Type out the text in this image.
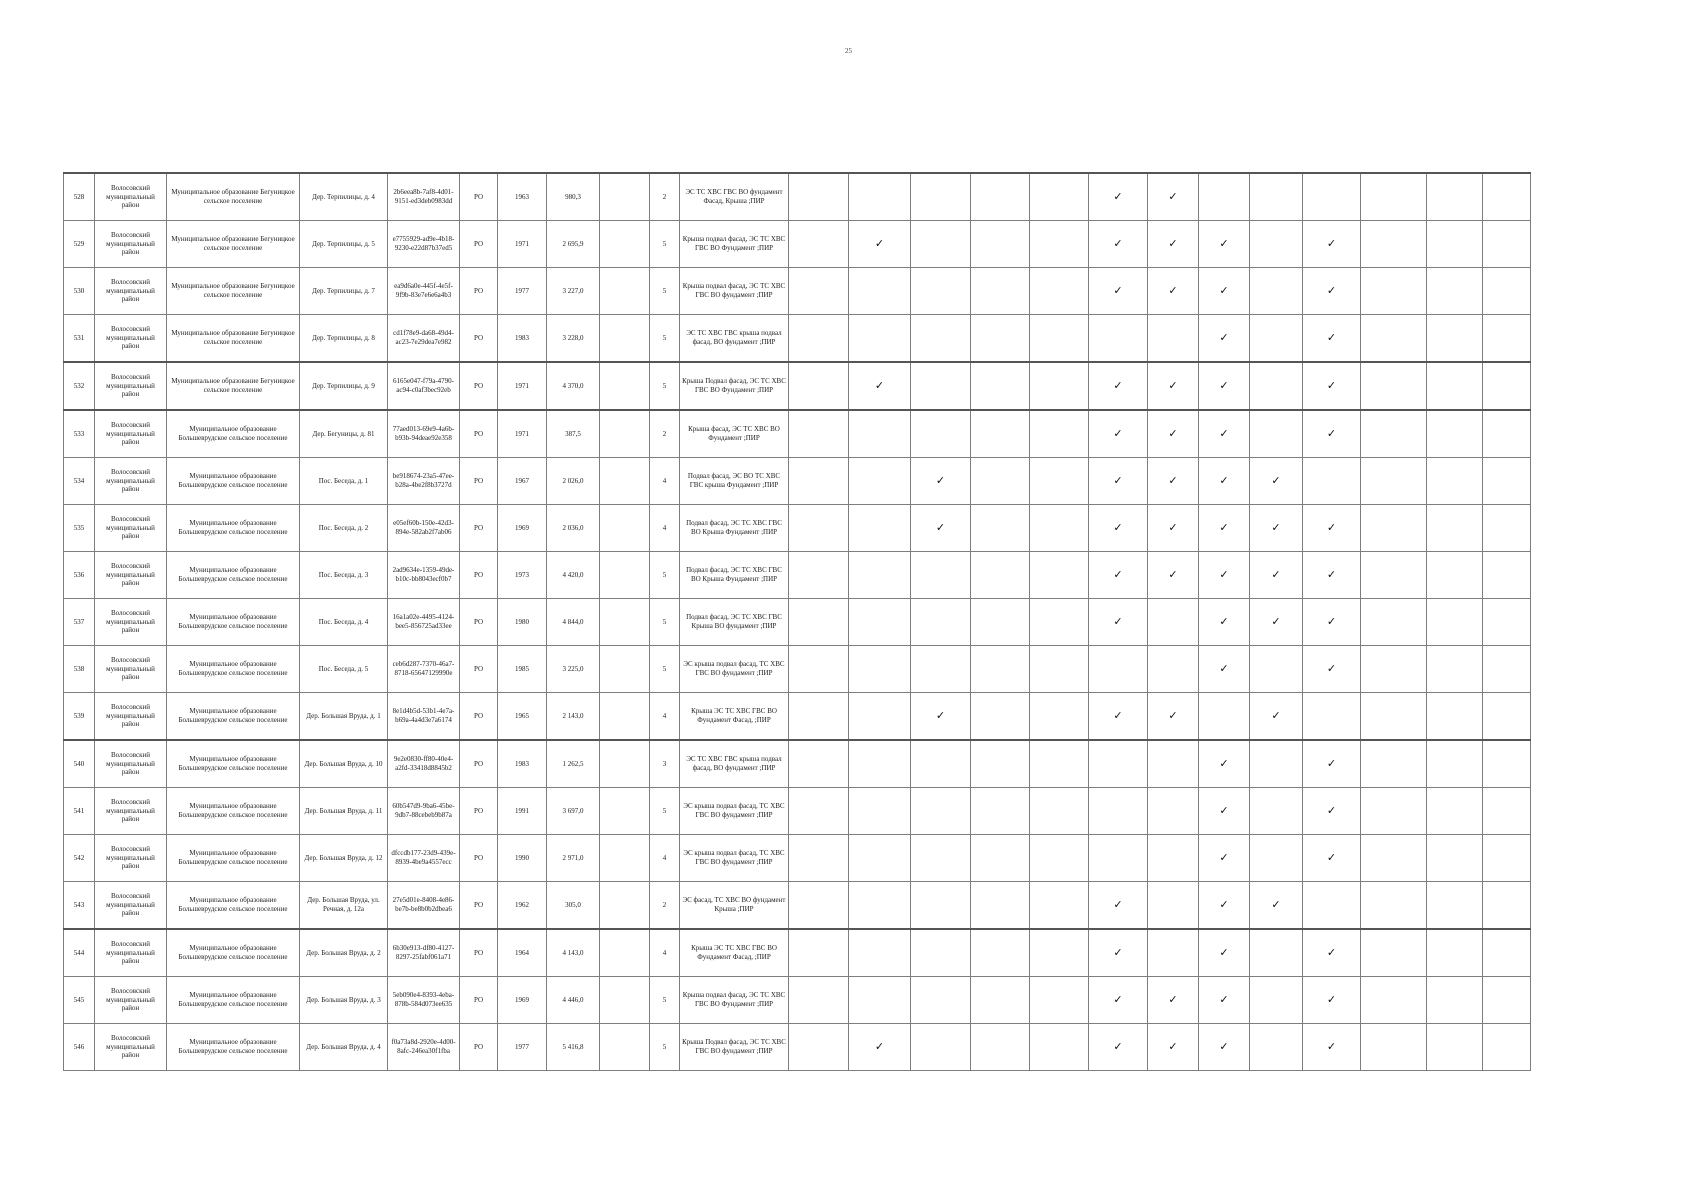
25
528	Волосовский муниципальный район	Муниципальное образование Бегуницкое сельское поселение	Дер. Терпилицы, д. 4	2b6eea8b-7af8-4d01-9151-ed3deb0983dd	РО	1963	980,3		2	ЭС ТС ХВС ГВС ВО фундамент Фасад, Крыша ;ПИР						✓	✓						
529	Волосовский муниципальный район	Муниципальное образование Бегуницкое сельское поселение	Дер. Терпилицы, д. 5	e7755929-ad9e-4b18-9230-e22d87b37ed5	РО	1971	2 695,9		5	Крыша подвал фасад, ЭС ТС ХВС ГВС ВО Фундамент ;ПИР		✓				✓	✓	✓		✓			
530	Волосовский муниципальный район	Муниципальное образование Бегуницкое сельское поселение	Дер. Терпилицы, д. 7	ea9d6a0e-445f-4e5f-9f9b-83e7e6e6a4b3	РО	1977	3 227,0		5	Крыша подвал фасад, ЭС ТС ХВС ГВС ВО фундамент ;ПИР						✓	✓	✓		✓			
531	Волосовский муниципальный район	Муниципальное образование Бегуницкое сельское поселение	Дер. Терпилицы, д. 8	cd1f78e9-da68-49d4-ac23-7e29dea7e982	РО	1983	3 228,0		5	ЭС ТС ХВС ГВС крыша подвал фасад, ВО фундамент ;ПИР								✓		✓			
532	Волосовский муниципальный район	Муниципальное образование Бегуницкое сельское поселение	Дер. Терпилицы, д. 9	6165e047-f79a-4790-ac94-c0af3bec92eb	РО	1971	4 370,0		5	Крыша Подвал фасад, ЭС ТС ХВС ГВС ВО Фундамент ;ПИР		✓				✓	✓	✓		✓			
533	Волосовский муниципальный район	Муниципальное образование Большеврудское сельское поселение	Дер. Бегуницы, д. 81	77aed013-69e9-4a6b-b93b-94deae92e358	РО	1971	387,5		2	Крыша фасад, ЭС ТС ХВС ВО Фундамент ;ПИР						✓	✓	✓		✓			
534	Волосовский муниципальный район	Муниципальное образование Большеврудское сельское поселение	Пос. Беседа, д. 1	be918674-23a5-47ee-b28a-4be2f8b3727d	РО	1967	2 026,0		4	Подвал фасад, ЭС ВО ТС ХВС ГВС крыша Фундамент ;ПИР			✓			✓	✓	✓	✓				
535	Волосовский муниципальный район	Муниципальное образование Большеврудское сельское поселение	Пос. Беседа, д. 2	e05ef60b-150e-42d3-894e-582ab2f7ab06	РО	1969	2 036,0		4	Подвал фасад, ЭС ТС ХВС ГВС ВО Крыша Фундамент ;ПИР			✓			✓	✓	✓	✓	✓			
536	Волосовский муниципальный район	Муниципальное образование Большеврудское сельское поселение	Пос. Беседа, д. 3	2ad9634e-1359-49de-b10c-bb8043ecf0b7	РО	1973	4 420,0		5	Подвал фасад, ЭС ТС ХВС ГВС ВО Крыша Фундамент ;ПИР						✓	✓	✓	✓	✓			
537	Волосовский муниципальный район	Муниципальное образование Большеврудское сельское поселение	Пос. Беседа, д. 4	16a1a02e-4495-4124-bee5-856725ad33ee	РО	1980	4 844,0		5	Подвал фасад, ЭС ТС ХВС ГВС Крыша ВО фундамент ;ПИР						✓		✓	✓	✓			
538	Волосовский муниципальный район	Муниципальное образование Большеврудское сельское поселение	Пос. Беседа, д. 5	ceb6d287-7370-46a7-8718-65647129990e	РО	1985	3 225,0		5	ЭС крыша подвал фасад, ТС ХВС ГВС ВО фундамент ;ПИР								✓		✓			
539	Волосовский муниципальный район	Муниципальное образование Большеврудское сельское поселение	Дер. Большая Вруда, д. 1	8e1d4b5d-53b1-4e7a-b69a-4a4d3e7a6174	РО	1965	2 143,0		4	Крыша ЭС ТС ХВС ГВС ВО Фундамент Фасад, ;ПИР			✓			✓	✓		✓				
540	Волосовский муниципальный район	Муниципальное образование Большеврудское сельское поселение	Дер. Большая Вруда, д. 10	9e2e0830-ff80-40e4-a2fd-33418d8845b2	РО	1983	1 262,5		3	ЭС ТС ХВС ГВС крыша подвал фасад, ВО фундамент ;ПИР								✓		✓			
541	Волосовский муниципальный район	Муниципальное образование Большеврудское сельское поселение	Дер. Большая Вруда, д. 11	60b547d9-9ba6-45be-9db7-88cebeb9b87a	РО	1991	3 697,0		5	ЭС крыша подвал фасад, ТС ХВС ГВС ВО фундамент ;ПИР								✓		✓			
542	Волосовский муниципальный район	Муниципальное образование Большеврудское сельское поселение	Дер. Большая Вруда, д. 12	dfccdb177-23d9-439e-8939-4be9a4557ecc	РО	1990	2 971,0		4	ЭС крыша подвал фасад, ТС ХВС ГВС ВО фундамент ;ПИР								✓		✓			
543	Волосовский муниципальный район	Муниципальное образование Большеврудское сельское поселение	Дер. Большая Вруда, ул. Речная, д. 12а	27e5d01e-8408-4e86-be7b-be8b0b2dbea6	РО	1962	305,0		2	ЭС фасад, ТС ХВС ВО фундамент Крыша ;ПИР						✓		✓	✓				
544	Волосовский муниципальный район	Муниципальное образование Большеврудское сельское поселение	Дер. Большая Вруда, д. 2	6b30e913-df80-4127-8297-25fabf061a71	РО	1964	4 143,0		4	Крыша ЭС ТС ХВС ГВС ВО Фундамент Фасад, ;ПИР						✓		✓		✓			
545	Волосовский муниципальный район	Муниципальное образование Большеврудское сельское поселение	Дер. Большая Вруда, д. 3	5eb090e4-8393-4eba-878b-584d073ee635	РО	1969	4 446,0		5	Крыша подвал фасад, ЭС ТС ХВС ГВС ВО Фундамент ;ПИР						✓	✓	✓		✓			
546	Волосовский муниципальный район	Муниципальное образование Большеврудское сельское поселение	Дер. Большая Вруда, д. 4	f0a73a8d-2920e-4d00-8afc-246ea30f1fba	РО	1977	5 416,8		5	Крыша Подвал фасад, ЭС ТС ХВС ГВС ВО фундамент ;ПИР		✓				✓	✓	✓		✓			
